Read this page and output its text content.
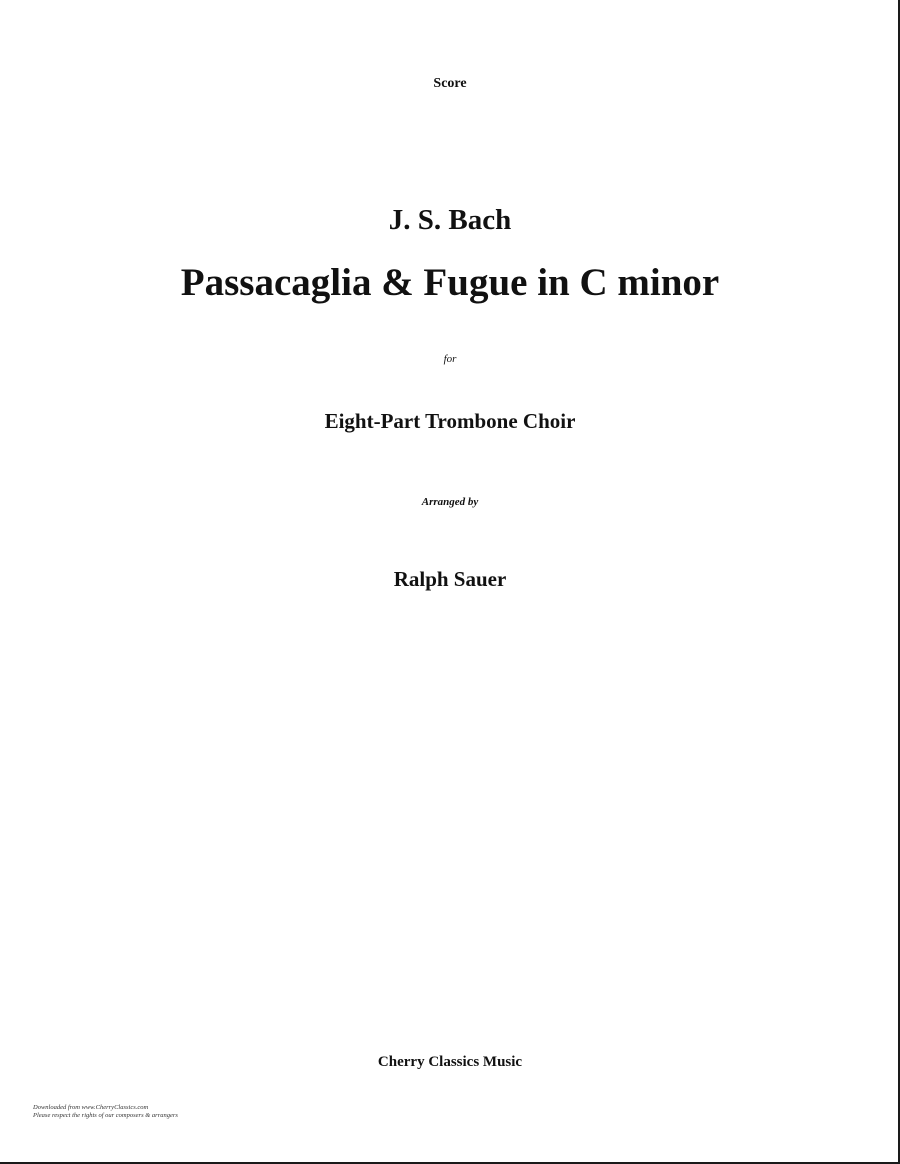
Score
J. S. Bach
Passacaglia & Fugue in C minor
for
Eight-Part Trombone Choir
Arranged by
Ralph Sauer
Cherry Classics Music
Downloaded from www.CherryClassics.com
Please respect the rights of our composers & arrangers
